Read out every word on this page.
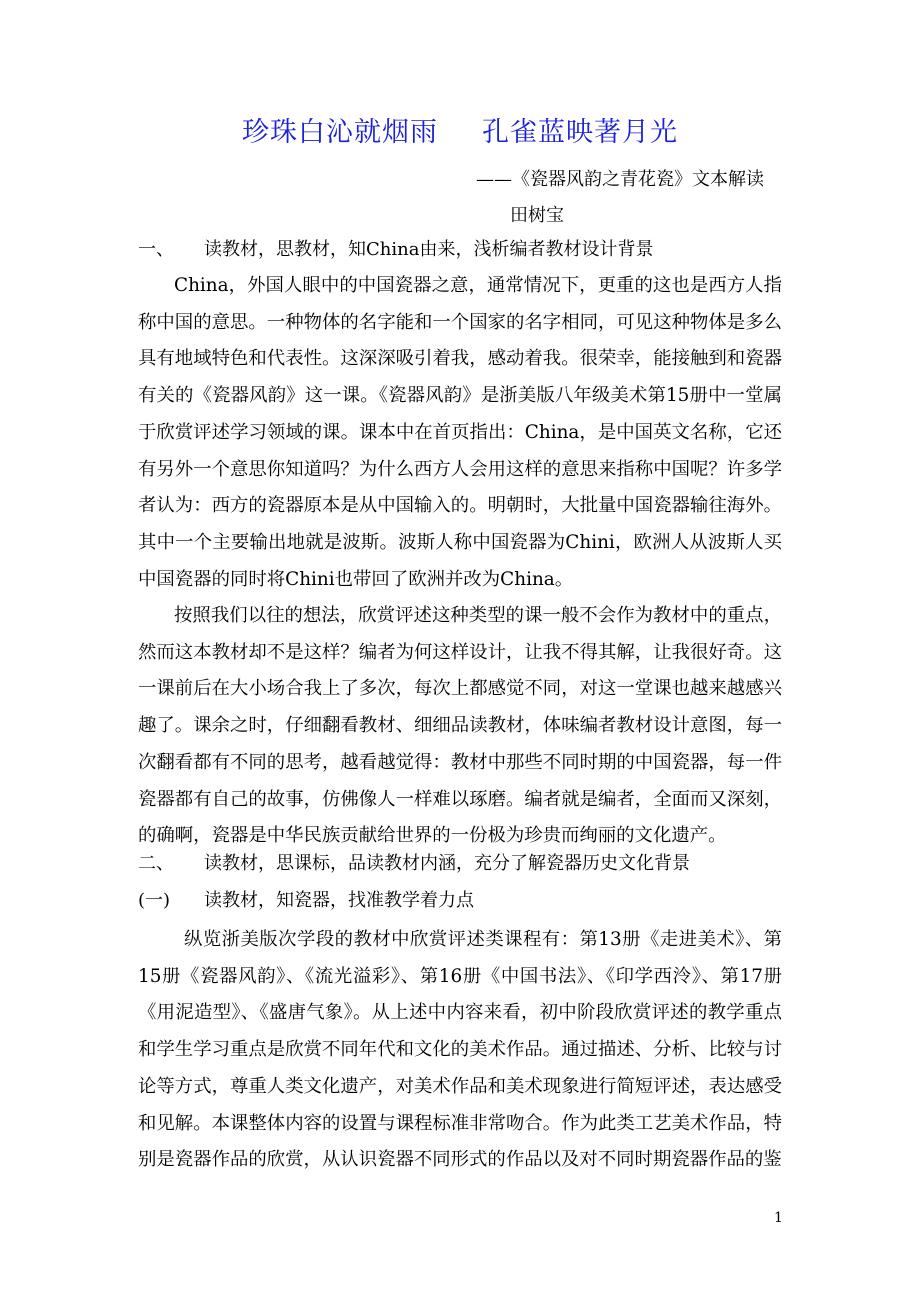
珍珠白沁就烟雨 孔雀蓝映著月光
——《瓷器风韵之青花瓷》文本解读
田树宝
一、 读教材，思教材，知China由来，浅析编者教材设计背景

China，外国人眼中的中国瓷器之意，通常情况下，更重的这也是西方人指称中国的意思。一种物体的名字能和一个国家的名字相同，可见这种物体是多么具有地域特色和代表性。这深深吸引着我，感动着我。很荣幸，能接触到和瓷器有关的《瓷器风韵》这一课。《瓷器风韵》是浙美版八年级美术第15册中一堂属于欣赏评述学习领域的课。课本中在首页指出：China，是中国英文名称，它还有另外一个意思你知道吗？为什么西方人会用这样的意思来指称中国呢？许多学者认为：西方的瓷器原本是从中国输入的。明朝时，大批量中国瓷器输往海外。其中一个主要输出地就是波斯。波斯人称中国瓷器为Chini，欧洲人从波斯人买中国瓷器的同时将Chini也带回了欧洲并改为China。

按照我们以往的想法，欣赏评述这种类型的课一般不会作为教材中的重点，然而这本教材却不是这样？编者为何这样设计，让我不得其解，让我很好奇。这一课前后在大小场合我上了多次，每次上都感觉不同，对这一堂课也越来越感兴趣了。课余之时，仔细翻看教材、细细品读教材，体味编者教材设计意图，每一次翻看都有不同的思考，越看越觉得：教材中那些不同时期的中国瓷器，每一件瓷器都有自己的故事，仿佛像人一样难以琢磨。编者就是编者，全面而又深刻，的确啊，瓷器是中华民族贡献给世界的一份极为珍贵而绚丽的文化遗产。

二、 读教材，思课标，品读教材内涵，充分了解瓷器历史文化背景
(一) 读教材，知瓷器，找准教学着力点

纵览浙美版次学段的教材中欣赏评述类课程有：第13册《走进美术》、第15册《瓷器风韵》、《流光溢彩》、第16册《中国书法》、《印学西泠》、第17册《用泥造型》、《盛唐气象》。从上述中内容来看，初中阶段欣赏评述的教学重点和学生学习重点是欣赏不同年代和文化的美术作品。通过描述、分析、比较与讨论等方式，尊重人类文化遗产，对美术作品和美术现象进行简短评述，表达感受和见解。本课整体内容的设置与课程标准非常吻合。作为此类工艺美术作品，特别是瓷器作品的欣赏，从认识瓷器不同形式的作品以及对不同时期瓷器作品的鉴

1
